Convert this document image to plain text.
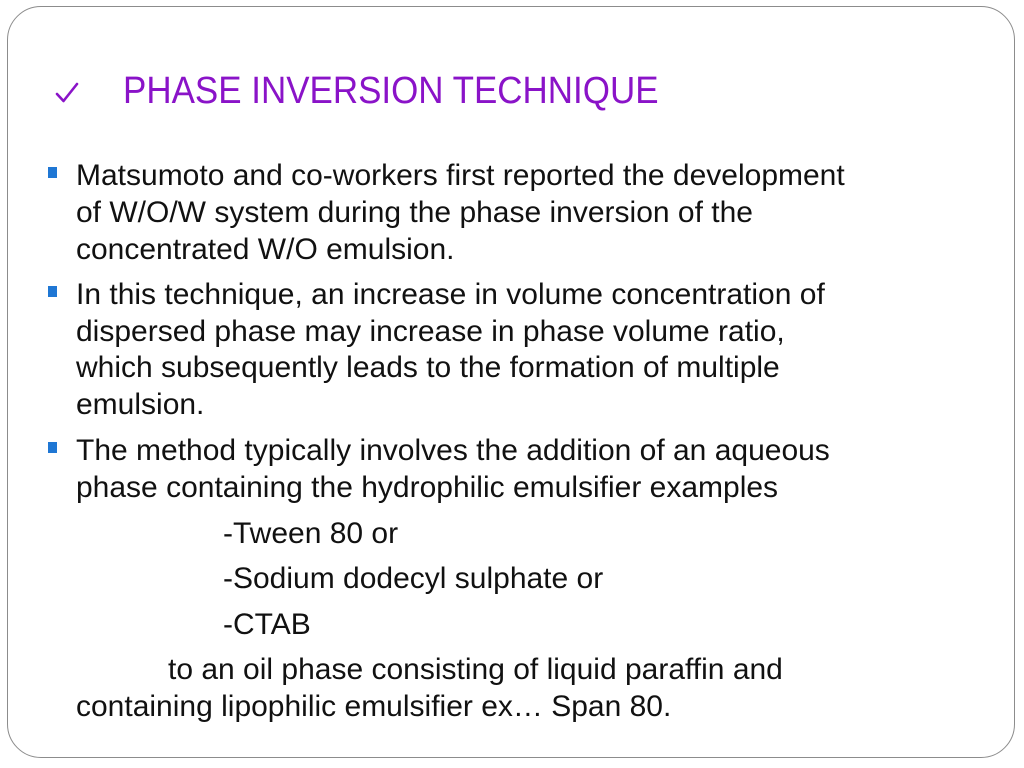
PHASE INVERSION TECHNIQUE
Matsumoto and co-workers first reported the development
of W/O/W system during the phase inversion of the
concentrated W/O emulsion.
In this technique, an increase in volume concentration of
dispersed phase may increase in phase volume ratio,
which subsequently leads to the formation of multiple
emulsion.
The method typically involves the addition of an aqueous
phase containing the hydrophilic emulsifier examples
-Tween 80 or
-Sodium dodecyl sulphate or
-CTAB
to an oil phase consisting of liquid paraffin and
containing lipophilic emulsifier ex… Span 80.
